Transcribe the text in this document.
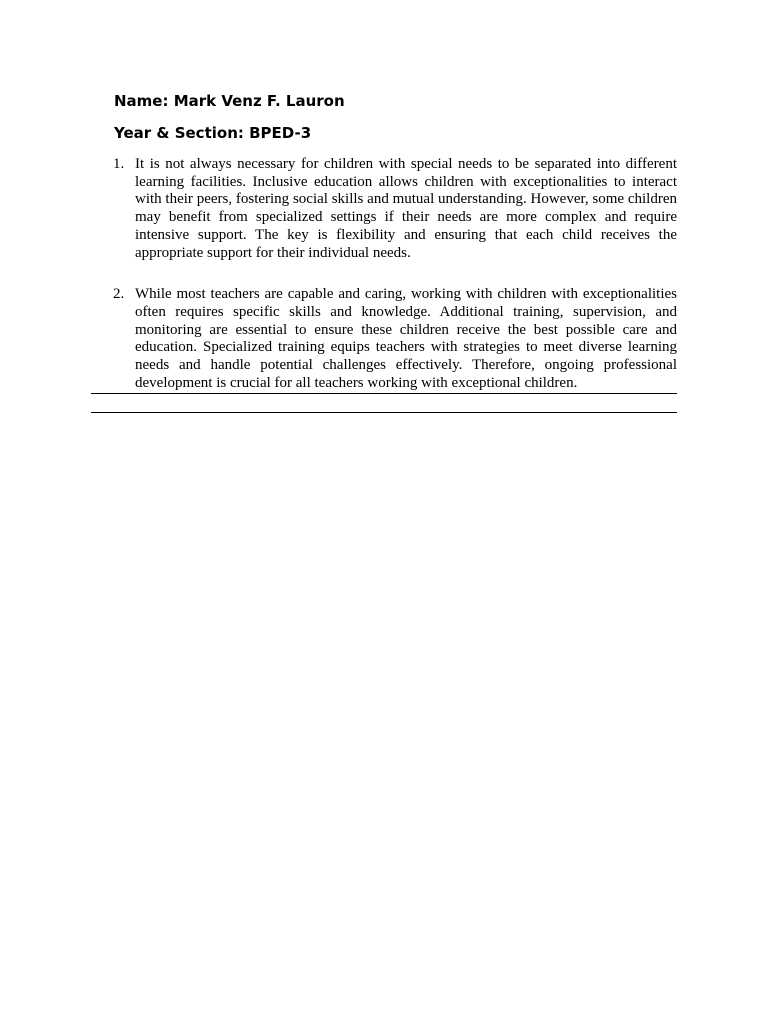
Name: Mark Venz F. Lauron
Year & Section: BPED-3
1. It is not always necessary for children with special needs to be separated into different learning facilities. Inclusive education allows children with exceptionalities to interact with their peers, fostering social skills and mutual understanding. However, some children may benefit from specialized settings if their needs are more complex and require intensive support. The key is flexibility and ensuring that each child receives the appropriate support for their individual needs.

2. While most teachers are capable and caring, working with children with exceptionalities often requires specific skills and knowledge. Additional training, supervision, and monitoring are essential to ensure these children receive the best possible care and education. Specialized training equips teachers with strategies to meet diverse learning needs and handle potential challenges effectively. Therefore, ongoing professional development is crucial for all teachers working with exceptional children.
